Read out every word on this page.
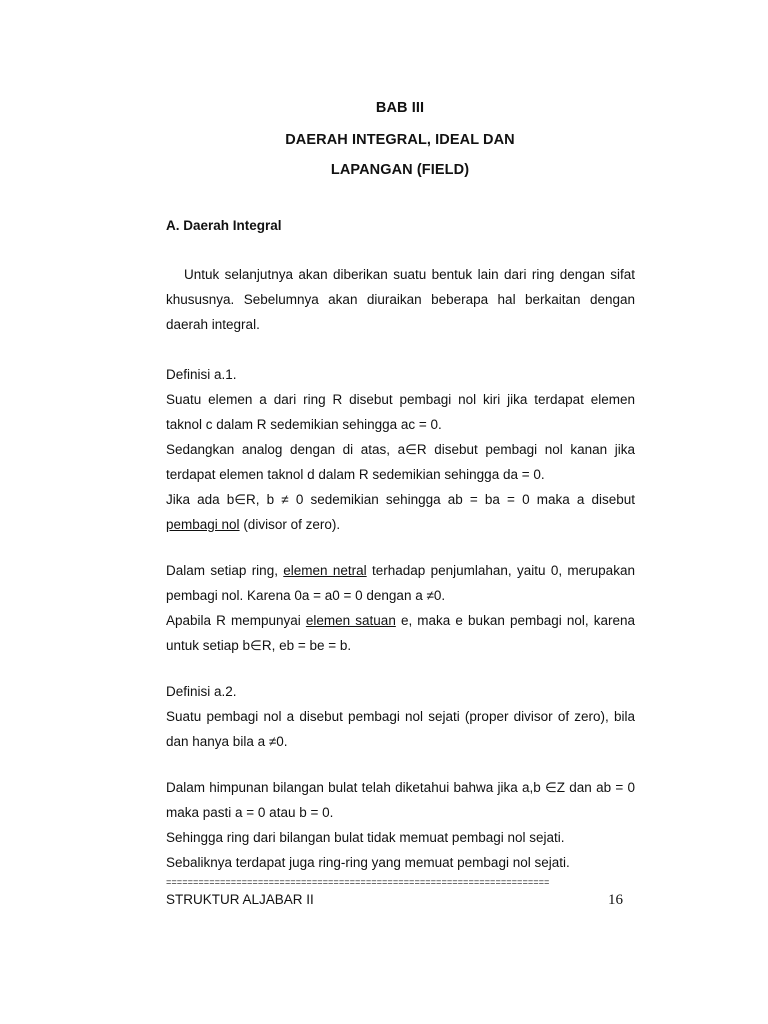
BAB III
DAERAH INTEGRAL, IDEAL DAN
LAPANGAN (FIELD)
A. Daerah Integral

Untuk selanjutnya akan diberikan suatu bentuk lain dari ring dengan sifat khususnya. Sebelumnya akan diuraikan beberapa hal berkaitan dengan daerah integral.

Definisi a.1.

Suatu elemen a dari ring R disebut pembagi nol kiri jika terdapat elemen taknol c dalam R sedemikian sehingga ac = 0.

Sedangkan analog dengan di atas, a∈R disebut pembagi nol kanan jika terdapat elemen taknol d dalam R sedemikian sehingga da = 0.

Jika ada b∈R, b ≠ 0 sedemikian sehingga ab = ba = 0 maka a disebut pembagi nol (divisor of zero).

Dalam setiap ring, elemen netral terhadap penjumlahan, yaitu 0, merupakan pembagi nol. Karena 0a = a0 = 0 dengan a ≠0.

Apabila R mempunyai elemen satuan e, maka e bukan pembagi nol, karena untuk setiap b∈R, eb = be = b.

Definisi a.2.

Suatu pembagi nol a disebut pembagi nol sejati (proper divisor of zero), bila dan hanya bila a ≠0.

Dalam himpunan bilangan bulat telah diketahui bahwa jika a,b ∈Z dan ab = 0 maka pasti a = 0 atau b = 0.

Sehingga ring dari bilangan bulat tidak memuat pembagi nol sejati.

Sebaliknya terdapat juga ring-ring yang memuat pembagi nol sejati.

=======================================================================
STRUKTUR ALJABAR II	16
